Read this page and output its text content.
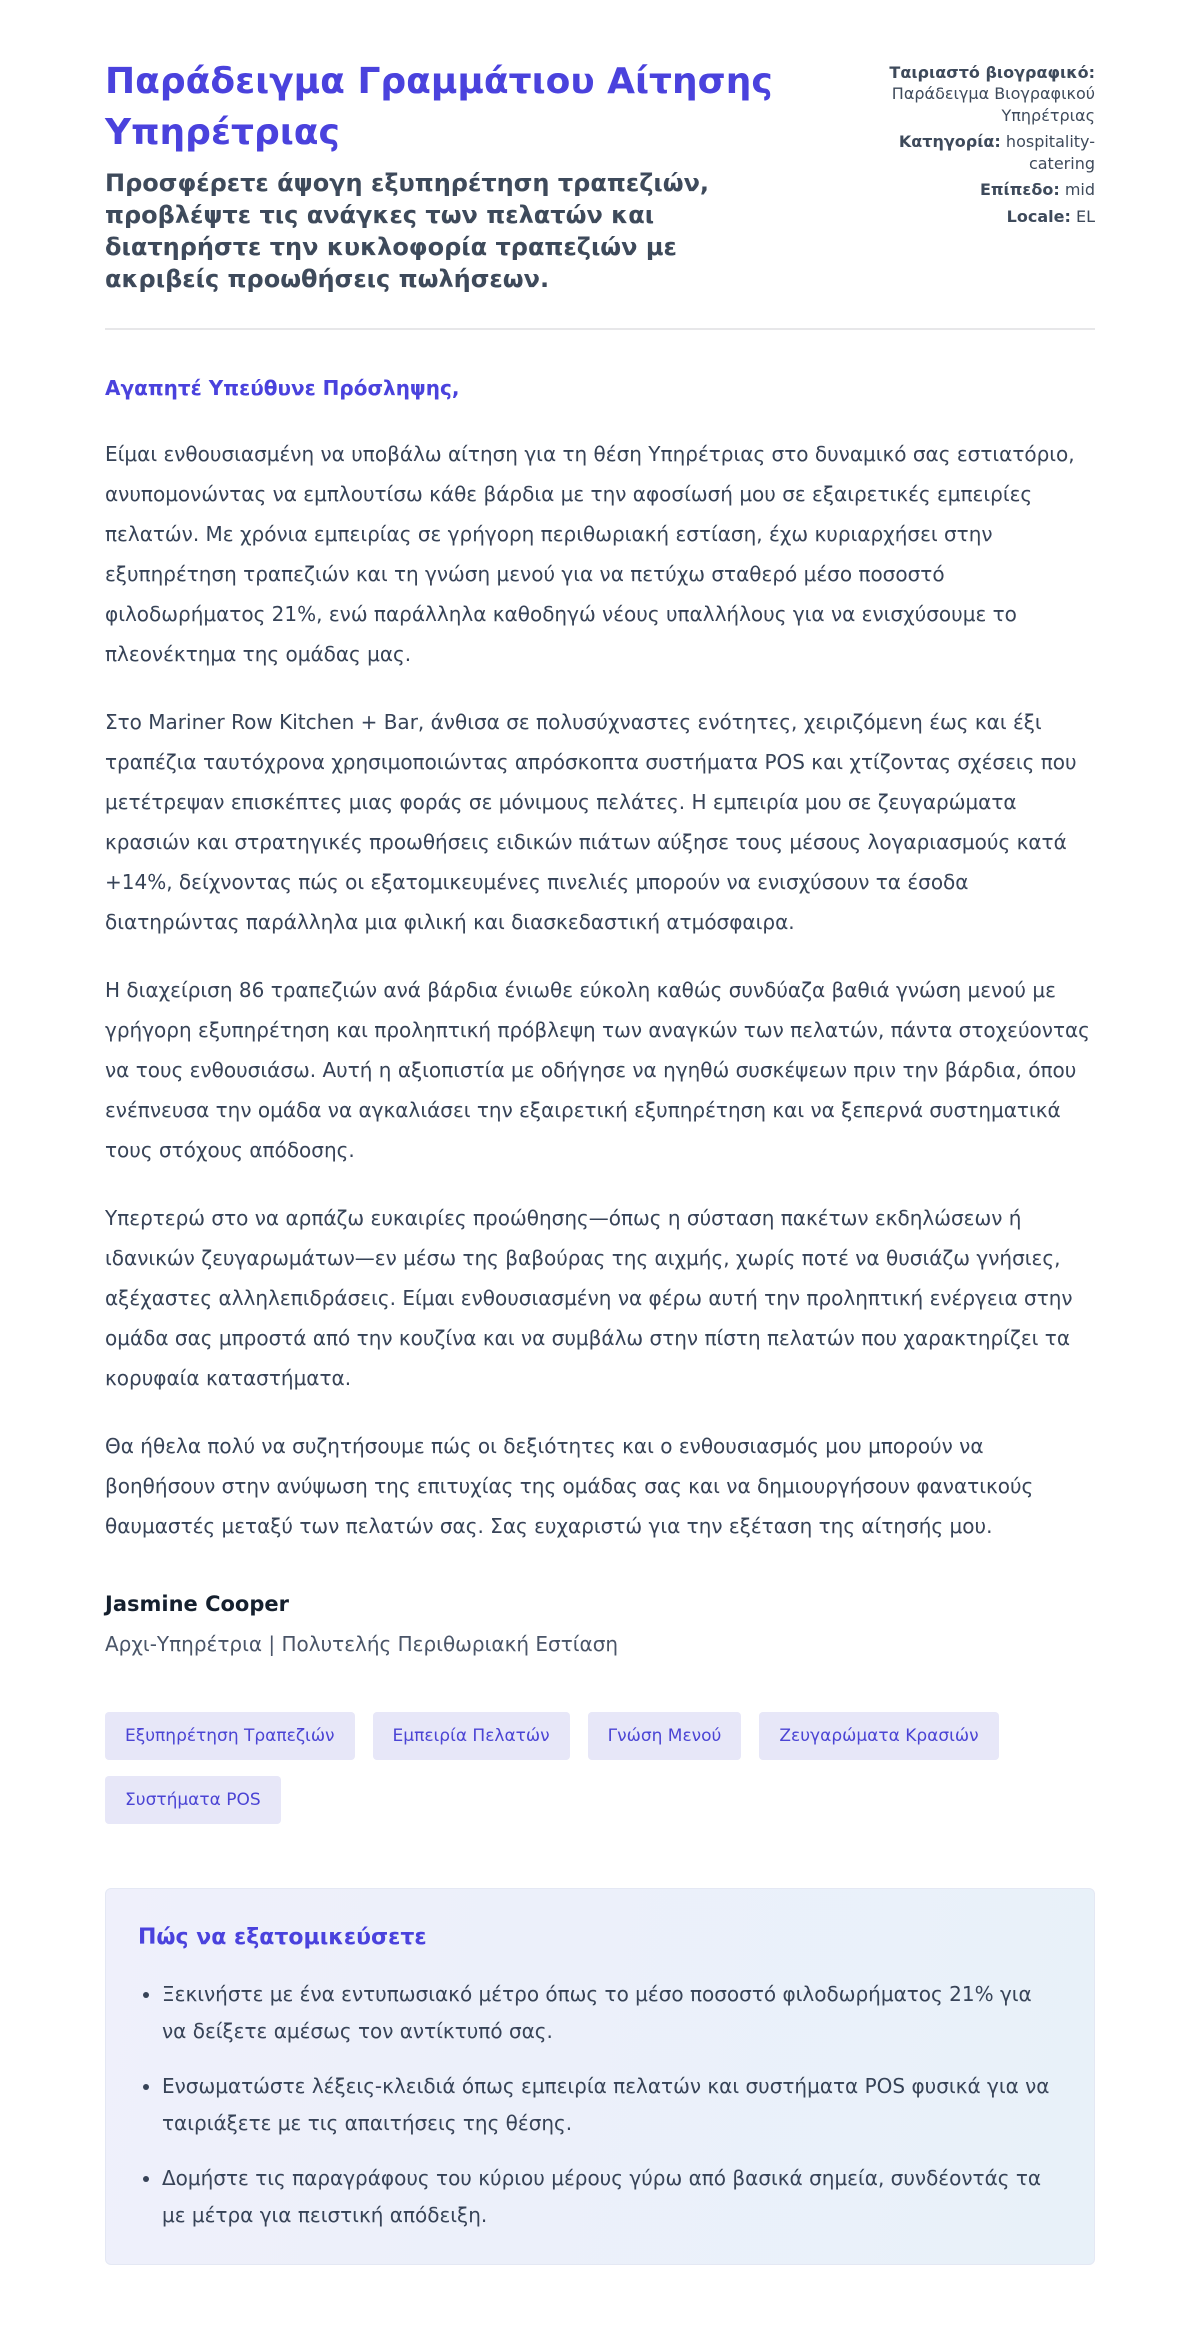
Παράδειγμα Γραμμάτιου Αίτησης Υπηρέτριας
Προσφέρετε άψογη εξυπηρέτηση τραπεζιών, προβλέψτε τις ανάγκες των πελατών και διατηρήστε την κυκλοφορία τραπεζιών με ακριβείς προωθήσεις πωλήσεων.
Ταιριαστό βιογραφικό: Παράδειγμα Βιογραφικού Υπηρέτριας
Κατηγορία: hospitality-catering
Επίπεδο: mid
Locale: EL

Αγαπητέ Υπεύθυνε Πρόσληψης,

Είμαι ενθουσιασμένη να υποβάλω αίτηση για τη θέση Υπηρέτριας στο δυναμικό σας εστιατόριο, ανυπομονώντας να εμπλουτίσω κάθε βάρδια με την αφοσίωσή μου σε εξαιρετικές εμπειρίες πελατών. Με χρόνια εμπειρίας σε γρήγορη περιθωριακή εστίαση, έχω κυριαρχήσει στην εξυπηρέτηση τραπεζιών και τη γνώση μενού για να πετύχω σταθερό μέσο ποσοστό φιλοδωρήματος 21%, ενώ παράλληλα καθοδηγώ νέους υπαλλήλους για να ενισχύσουμε το πλεονέκτημα της ομάδας μας.

Στο Mariner Row Kitchen + Bar, άνθισα σε πολυσύχναστες ενότητες, χειριζόμενη έως και έξι τραπέζια ταυτόχρονα χρησιμοποιώντας απρόσκοπτα συστήματα POS και χτίζοντας σχέσεις που μετέτρεψαν επισκέπτες μιας φοράς σε μόνιμους πελάτες. Η εμπειρία μου σε ζευγαρώματα κρασιών και στρατηγικές προωθήσεις ειδικών πιάτων αύξησε τους μέσους λογαριασμούς κατά +14%, δείχνοντας πώς οι εξατομικευμένες πινελιές μπορούν να ενισχύσουν τα έσοδα διατηρώντας παράλληλα μια φιλική και διασκεδαστική ατμόσφαιρα.

Η διαχείριση 86 τραπεζιών ανά βάρδια ένιωθε εύκολη καθώς συνδύαζα βαθιά γνώση μενού με γρήγορη εξυπηρέτηση και προληπτική πρόβλεψη των αναγκών των πελατών, πάντα στοχεύοντας να τους ενθουσιάσω. Αυτή η αξιοπιστία με οδήγησε να ηγηθώ συσκέψεων πριν την βάρδια, όπου ενέπνευσα την ομάδα να αγκαλιάσει την εξαιρετική εξυπηρέτηση και να ξεπερνά συστηματικά τους στόχους απόδοσης.

Υπερτερώ στο να αρπάζω ευκαιρίες προώθησης—όπως η σύσταση πακέτων εκδηλώσεων ή ιδανικών ζευγαρωμάτων—εν μέσω της βαβούρας της αιχμής, χωρίς ποτέ να θυσιάζω γνήσιες, αξέχαστες αλληλεπιδράσεις. Είμαι ενθουσιασμένη να φέρω αυτή την προληπτική ενέργεια στην ομάδα σας μπροστά από την κουζίνα και να συμβάλω στην πίστη πελατών που χαρακτηρίζει τα κορυφαία καταστήματα.

Θα ήθελα πολύ να συζητήσουμε πώς οι δεξιότητες και ο ενθουσιασμός μου μπορούν να βοηθήσουν στην ανύψωση της επιτυχίας της ομάδας σας και να δημιουργήσουν φανατικούς θαυμαστές μεταξύ των πελατών σας. Σας ευχαριστώ για την εξέταση της αίτησής μου.

Jasmine Cooper

Αρχι-Υπηρέτρια | Πολυτελής Περιθωριακή Εστίαση

Εξυπηρέτηση Τραπεζιών	Εμπειρία Πελατών	Γνώση Μενού	Ζευγαρώματα Κρασιών
Συστήματα POS
Πώς να εξατομικεύσετε
• Ξεκινήστε με ένα εντυπωσιακό μέτρο όπως το μέσο ποσοστό φιλοδωρήματος 21% για να δείξετε αμέσως τον αντίκτυπό σας.
• Ενσωματώστε λέξεις-κλειδιά όπως εμπειρία πελατών και συστήματα POS φυσικά για να ταιριάξετε με τις απαιτήσεις της θέσης.
• Δομήστε τις παραγράφους του κύριου μέρους γύρω από βασικά σημεία, συνδέοντάς τα με μέτρα για πειστική απόδειξη.
